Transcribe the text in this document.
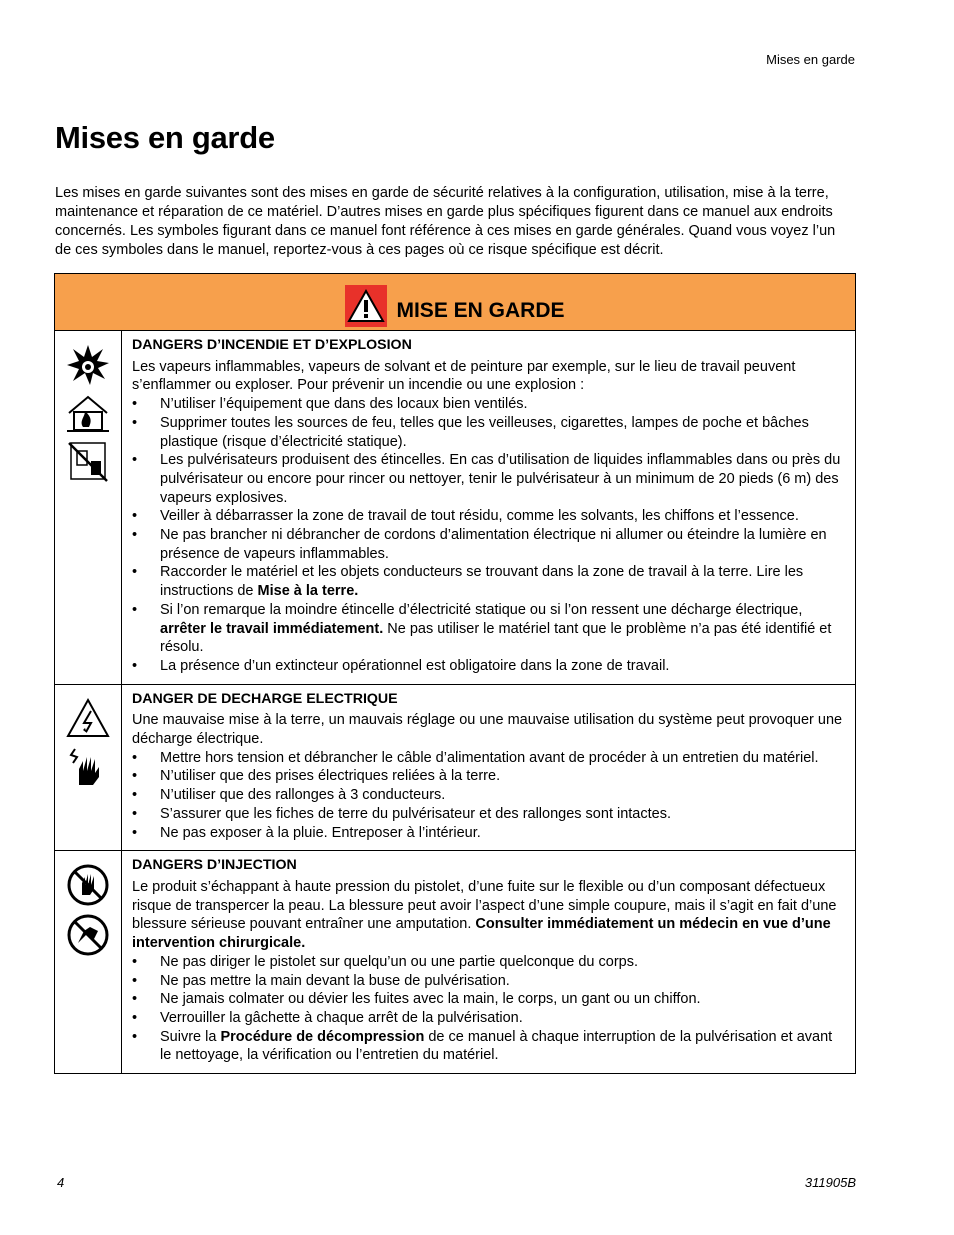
Mises en garde
Mises en garde

Les mises en garde suivantes sont des mises en garde de sécurité relatives à la configuration, utilisation, mise à la terre, maintenance et réparation de ce matériel. D’autres mises en garde plus spécifiques figurent dans ce manuel aux endroits concernés. Les symboles figurant dans ce manuel font référence à ces mises en garde générales. Quand vous voyez l’un de ces symboles dans le manuel, reportez-vous à ces pages où ce risque spécifique est décrit.

MISE EN GARDE
DANGERS D’INCENDIE ET D’EXPLOSION

Les vapeurs inflammables, vapeurs de solvant et de peinture par exemple, sur le lieu de travail peuvent s’enflammer ou exploser. Pour prévenir un incendie ou une explosion :

• N’utiliser l’équipement que dans des locaux bien ventilés.
• Supprimer toutes les sources de feu, telles que les veilleuses, cigarettes, lampes de poche et bâches plastique (risque d’électricité statique).
• Les pulvérisateurs produisent des étincelles. En cas d’utilisation de liquides inflammables dans ou près du pulvérisateur ou encore pour rincer ou nettoyer, tenir le pulvérisateur à un minimum de 20 pieds (6 m) des vapeurs explosives.
• Veiller à débarrasser la zone de travail de tout résidu, comme les solvants, les chiffons et l’essence.
• Ne pas brancher ni débrancher de cordons d’alimentation électrique ni allumer ou éteindre la lumière en présence de vapeurs inflammables.
• Raccorder le matériel et les objets conducteurs se trouvant dans la zone de travail à la terre. Lire les instructions de Mise à la terre.
• Si l’on remarque la moindre étincelle d’électricité statique ou si l’on ressent une décharge électrique, arrêter le travail immédiatement. Ne pas utiliser le matériel tant que le problème n’a pas été identifié et résolu.
• La présence d’un extincteur opérationnel est obligatoire dans la zone de travail.
DANGER DE DECHARGE ELECTRIQUE

Une mauvaise mise à la terre, un mauvais réglage ou une mauvaise utilisation du système peut provoquer une décharge électrique.

• Mettre hors tension et débrancher le câble d’alimentation avant de procéder à un entretien du matériel.
• N’utiliser que des prises électriques reliées à la terre.
• N’utiliser que des rallonges à 3 conducteurs.
• S’assurer que les fiches de terre du pulvérisateur et des rallonges sont intactes.
• Ne pas exposer à la pluie. Entreposer à l’intérieur.
DANGERS D’INJECTION

Le produit s’échappant à haute pression du pistolet, d’une fuite sur le flexible ou d’un composant défectueux risque de transpercer la peau. La blessure peut avoir l’aspect d’une simple coupure, mais il s’agit en fait d’une blessure sérieuse pouvant entraîner une amputation. Consulter immédiatement un médecin en vue d’une intervention chirurgicale.

• Ne pas diriger le pistolet sur quelqu’un ou une partie quelconque du corps.
• Ne pas mettre la main devant la buse de pulvérisation.
• Ne jamais colmater ou dévier les fuites avec la main, le corps, un gant ou un chiffon.
• Verrouiller la gâchette à chaque arrêt de la pulvérisation.
• Suivre la Procédure de décompression de ce manuel à chaque interruption de la pulvérisation et avant le nettoyage, la vérification ou l’entretien du matériel.
4	311905B
